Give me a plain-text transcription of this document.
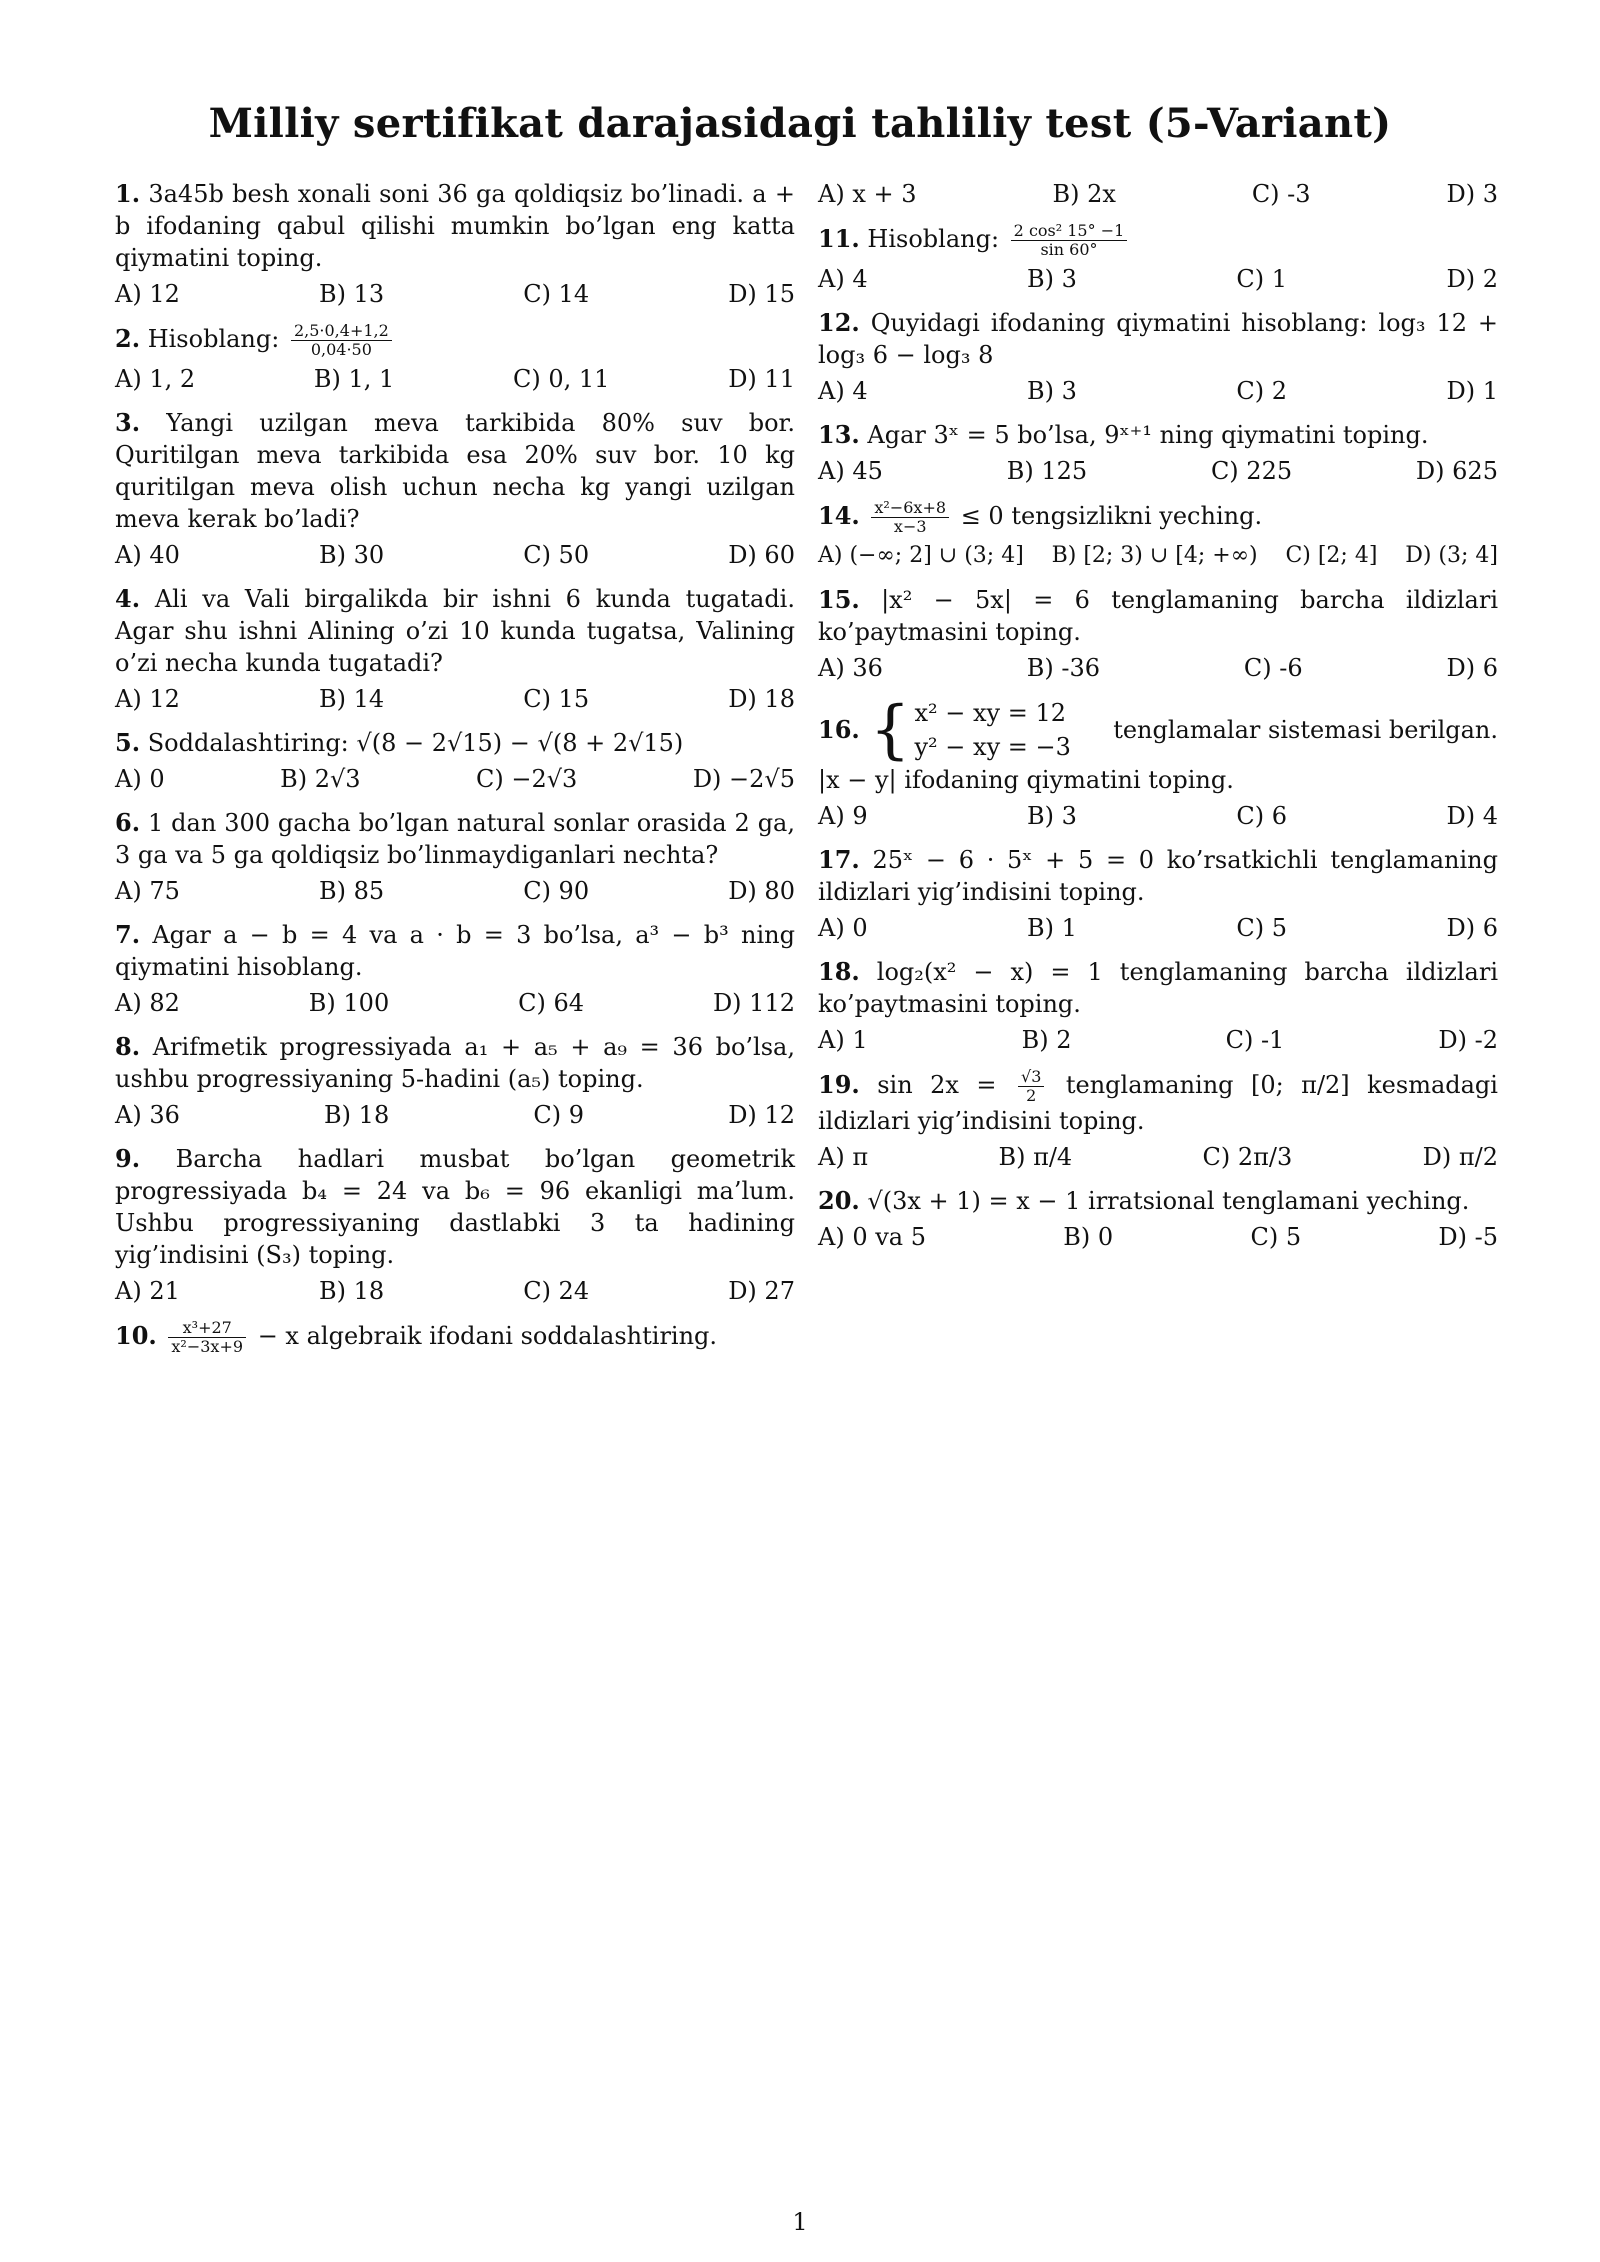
Milliy sertifikat darajasidagi tahliliy test (5-Variant)

1. 3a45b besh xonali soni 36 ga qoldiqsiz bo’linadi. a + b ifodaning qabul qilishi mumkin bo’lgan eng katta qiymatini toping.

A) 12	B) 13	C) 14	D) 15

2. Hisoblang: $\frac{2,5\cdot 0,4+1,2}{0,04\cdot 50}$

A) 1, 2	B) 1, 1	C) 0, 11	D) 11

3. Yangi uzilgan meva tarkibida 80% suv bor. Quritilgan meva tarkibida esa 20% suv bor. 10 kg quritilgan meva olish uchun necha kg yangi uzilgan meva kerak bo’ladi?

A) 40	B) 30	C) 50	D) 60

4. Ali va Vali birgalikda bir ishni 6 kunda tugatadi. Agar shu ishni Alining o’zi 10 kunda tugatsa, Valining o’zi necha kunda tugatadi?

A) 12	B) 14	C) 15	D) 18

5. Soddalashtiring: √(8 − 2√15) − √(8 + 2√15)

A) 0	B) 2√3	C) −2√3	D) −2√5

6. 1 dan 300 gacha bo’lgan natural sonlar orasida 2 ga, 3 ga va 5 ga qoldiqsiz bo’linmaydiganlari nechta?

A) 75	B) 85	C) 90	D) 80

7. Agar a − b = 4 va a · b = 3 bo’lsa, a³ − b³ ning qiymatini hisoblang.

A) 82	B) 100	C) 64	D) 112

8. Arifmetik progressiyada a₁ + a₅ + a₉ = 36 bo’lsa, ushbu progressiyaning 5-hadini (a₅) toping.

A) 36	B) 18	C) 9	D) 12

9. Barcha hadlari musbat bo’lgan geometrik progressiyada b₄ = 24 va b₆ = 96 ekanligi ma’lum. Ushbu progressiyaning dastlabki 3 ta hadining yig’indisini (S₃) toping.

A) 21	B) 18	C) 24	D) 27

10. $\frac{\text{x³+27}}{\text{x²−3x+9}} - x$ algebraik ifodani soddalashtiring.

A) x + 3	B) 2x	C) -3	D) 3

11. Hisoblang: $\frac{\text{2 cos² 15° −1}}{\sin 60^\circ}$

A) 4	B) 3	C) 1	D) 2

12. Quyidagi ifodaning qiymatini hisoblang: log₃ 12 + log₃ 6 − log₃ 8

A) 4	B) 3	C) 2	D) 1

13. Agar 3ˣ = 5 bo’lsa, 9ˣ⁺¹ ning qiymatini toping.

A) 45	B) 125	C) 225	D) 625

14. $\frac{\text{x²−6x+8}}{x-3} \le 0$ tengsizlikni yeching.

A) (−∞; 2] ∪ (3; 4] B) [2; 3) ∪ [4; +∞) C) [2; 4] D) (3; 4]

15. |x² − 5x| = 6 tenglamaning barcha ildizlari ko’paytmasini toping.

A) 36	B) -36	C) -6	D) 6

16. { x² − xy = 12
y² − xy = −3
tenglamalar sistemasi berilgan.

|x − y| ifodaning qiymatini toping.

A) 9	B) 3	C) 6	D) 4

17. 25ˣ − 6 · 5ˣ + 5 = 0 ko’rsatkichli tenglamaning ildizlari yig’indisini toping.

A) 0	B) 1	C) 5	D) 6

18. log₂(x² − x) = 1 tenglamaning barcha ildizlari ko’paytmasini toping.

A) 1	B) 2	C) -1	D) -2

19. $\sin 2x = \frac{√3}{2}$ tenglamaning [0; π/2] kesmadagi ildizlari yig’indisini toping.

A) π	B) π/4	C) 2π/3	D) π/2

20. √(3x + 1) = x − 1 irratsional tenglamani yeching.

A) 0 va 5	B) 0	C) 5	D) -5
1
